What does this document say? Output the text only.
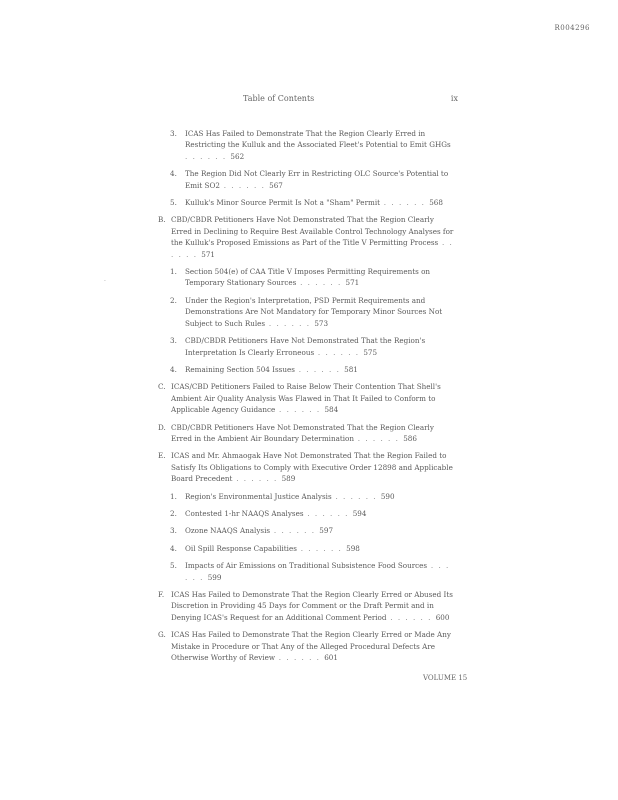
R004296
Table of Contents	ix
·
3. ICAS Has Failed to Demonstrate That the Region Clearly Erred in Restricting the Kulluk and the Associated Fleet's Potential to Emit GHGs . . . . . . 562
4. The Region Did Not Clearly Err in Restricting OLC Source's Potential to Emit SO2 . . . . . . 567
5. Kulluk's Minor Source Permit Is Not a "Sham" Permit . . . . . . 568
B. CBD/CBDR Petitioners Have Not Demonstrated That the Region Clearly Erred in Declining to Require Best Available Control Technology Analyses for the Kulluk's Proposed Emissions as Part of the Title V Permitting Process . . . . . . 571
1. Section 504(e) of CAA Title V Imposes Permitting Requirements on Temporary Stationary Sources . . . . . . 571
2. Under the Region's Interpretation, PSD Permit Requirements and Demonstrations Are Not Mandatory for Temporary Minor Sources Not Subject to Such Rules . . . . . . 573
3. CBD/CBDR Petitioners Have Not Demonstrated That the Region's Interpretation Is Clearly Erroneous . . . . . . 575
4. Remaining Section 504 Issues . . . . . . 581
C. ICAS/CBD Petitioners Failed to Raise Below Their Contention That Shell's Ambient Air Quality Analysis Was Flawed in That It Failed to Conform to Applicable Agency Guidance . . . . . . 584
D. CBD/CBDR Petitioners Have Not Demonstrated That the Region Clearly Erred in the Ambient Air Boundary Determination . . . . . . 586
E. ICAS and Mr. Ahmaogak Have Not Demonstrated That the Region Failed to Satisfy Its Obligations to Comply with Executive Order 12898 and Applicable Board Precedent . . . . . . 589
1. Region's Environmental Justice Analysis . . . . . . 590
2. Contested 1-hr NAAQS Analyses . . . . . . 594
3. Ozone NAAQS Analysis . . . . . . 597
4. Oil Spill Response Capabilities . . . . . . 598
5. Impacts of Air Emissions on Traditional Subsistence Food Sources . . . . . . 599
F. ICAS Has Failed to Demonstrate That the Region Clearly Erred or Abused Its Discretion in Providing 45 Days for Comment or the Draft Permit and in Denying ICAS's Request for an Additional Comment Period . . . . . . 600
G. ICAS Has Failed to Demonstrate That the Region Clearly Erred or Made Any Mistake in Procedure or That Any of the Alleged Procedural Defects Are Otherwise Worthy of Review . . . . . . 601
VOLUME 15
